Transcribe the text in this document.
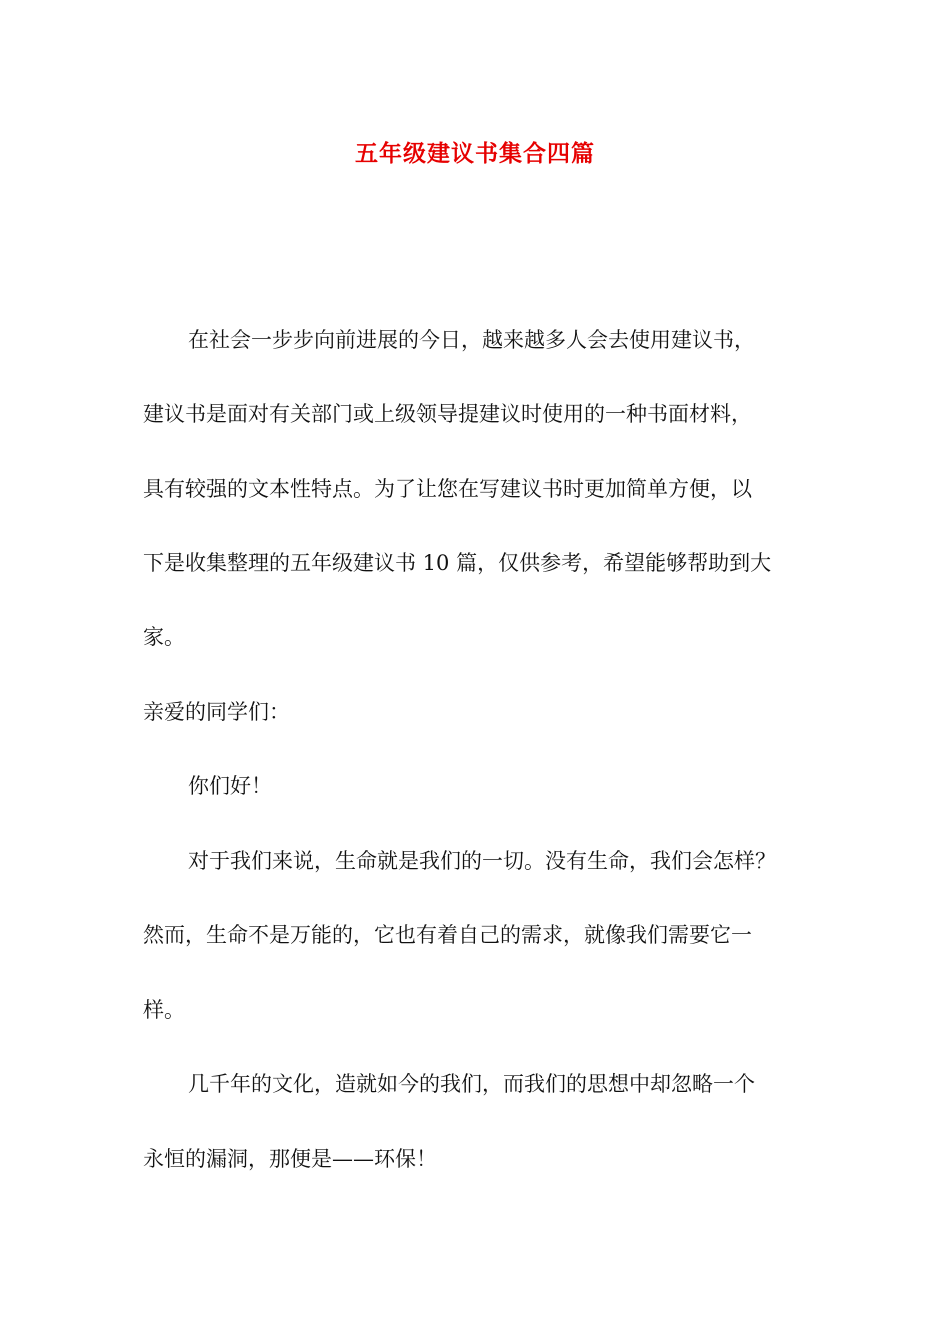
五年级建议书集合四篇
在社会一步步向前进展的今日，越来越多人会去使用建议书，
建议书是面对有关部门或上级领导提建议时使用的一种书面材料，
具有较强的文本性特点。为了让您在写建议书时更加简单方便，以
下是收集整理的五年级建议书 10 篇，仅供参考，希望能够帮助到大
家。
亲爱的同学们：
你们好！
对于我们来说，生命就是我们的一切。没有生命，我们会怎样？
然而，生命不是万能的，它也有着自己的需求，就像我们需要它一
样。
几千年的文化，造就如今的我们，而我们的思想中却忽略一个
永恒的漏洞，那便是——环保！
